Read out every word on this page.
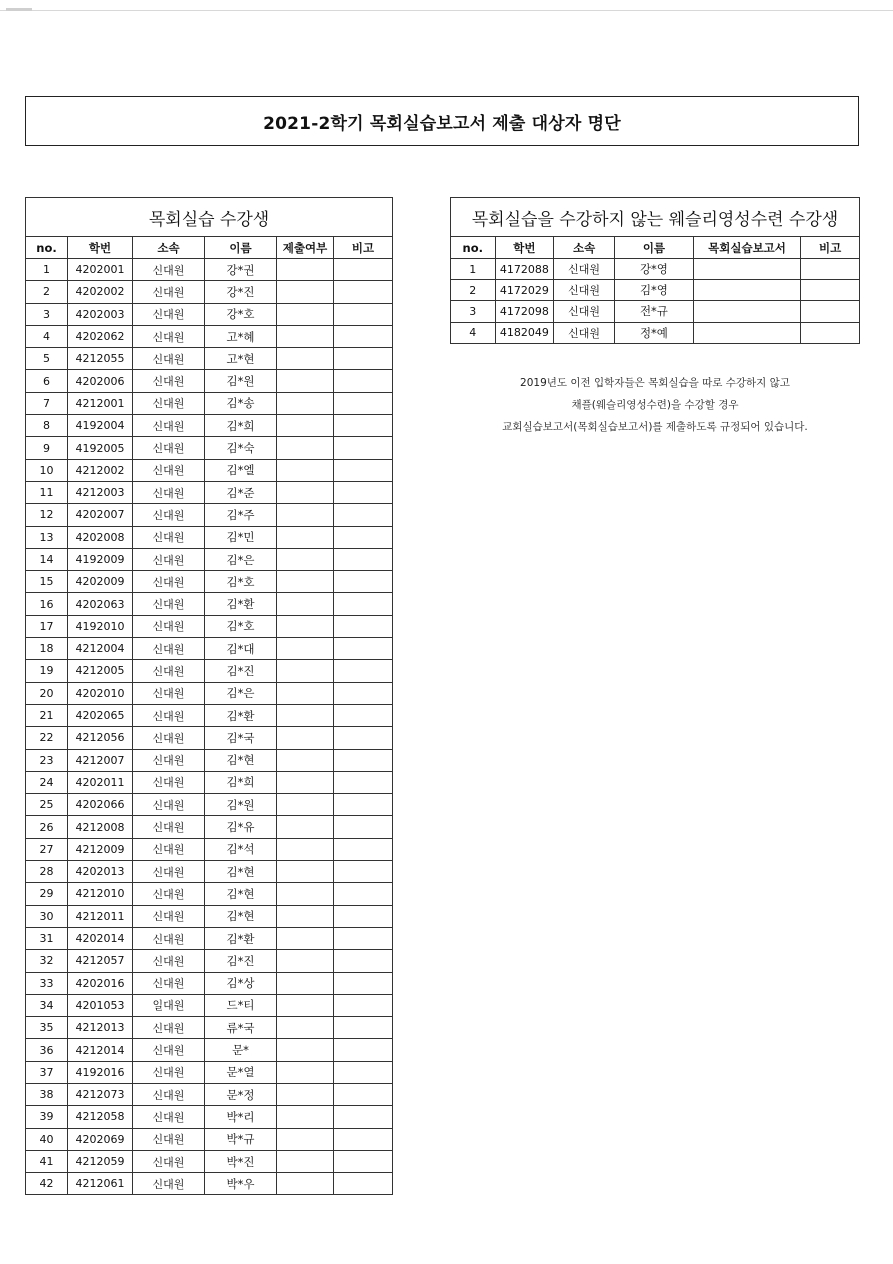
2021-2학기 목회실습보고서 제출 대상자 명단
목회실습 수강생					
no.	학번	소속	이름	제출여부	비고
1	4202001	신대원	강*권		
2	4202002	신대원	강*진		
3	4202003	신대원	강*호		
4	4202062	신대원	고*혜		
5	4212055	신대원	고*현		
6	4202006	신대원	김*원		
7	4212001	신대원	김*송		
8	4192004	신대원	김*희		
9	4192005	신대원	김*숙		
10	4212002	신대원	김*엘		
11	4212003	신대원	김*준		
12	4202007	신대원	김*주		
13	4202008	신대원	김*민		
14	4192009	신대원	김*은		
15	4202009	신대원	김*호		
16	4202063	신대원	김*환		
17	4192010	신대원	김*호		
18	4212004	신대원	김*대		
19	4212005	신대원	김*진		
20	4202010	신대원	김*은		
21	4202065	신대원	김*환		
22	4212056	신대원	김*국		
23	4212007	신대원	김*현		
24	4202011	신대원	김*희		
25	4202066	신대원	김*원		
26	4212008	신대원	김*유		
27	4212009	신대원	김*석		
28	4202013	신대원	김*현		
29	4212010	신대원	김*현		
30	4212011	신대원	김*현		
31	4202014	신대원	김*환		
32	4212057	신대원	김*진		
33	4202016	신대원	김*상		
34	4201053	일대원	드*티		
35	4212013	신대원	류*국		
36	4212014	신대원	문*		
37	4192016	신대원	문*열		
38	4212073	신대원	문*정		
39	4212058	신대원	박*리		
40	4202069	신대원	박*규		
41	4212059	신대원	박*진		
42	4212061	신대원	박*우		
목회실습을 수강하지 않는 웨슬리영성수련 수강생					
no.	학번	소속	이름	목회실습보고서	비고
1	4172088	신대원	강*영		
2	4172029	신대원	김*영		
3	4172098	신대원	전*규		
4	4182049	신대원	정*예		

2019년도 이전 입학자들은 목회실습을 따로 수강하지 않고

채플(웨슬리영성수련)을 수강할 경우

교회실습보고서(목회실습보고서)를 제출하도록 규정되어 있습니다.
